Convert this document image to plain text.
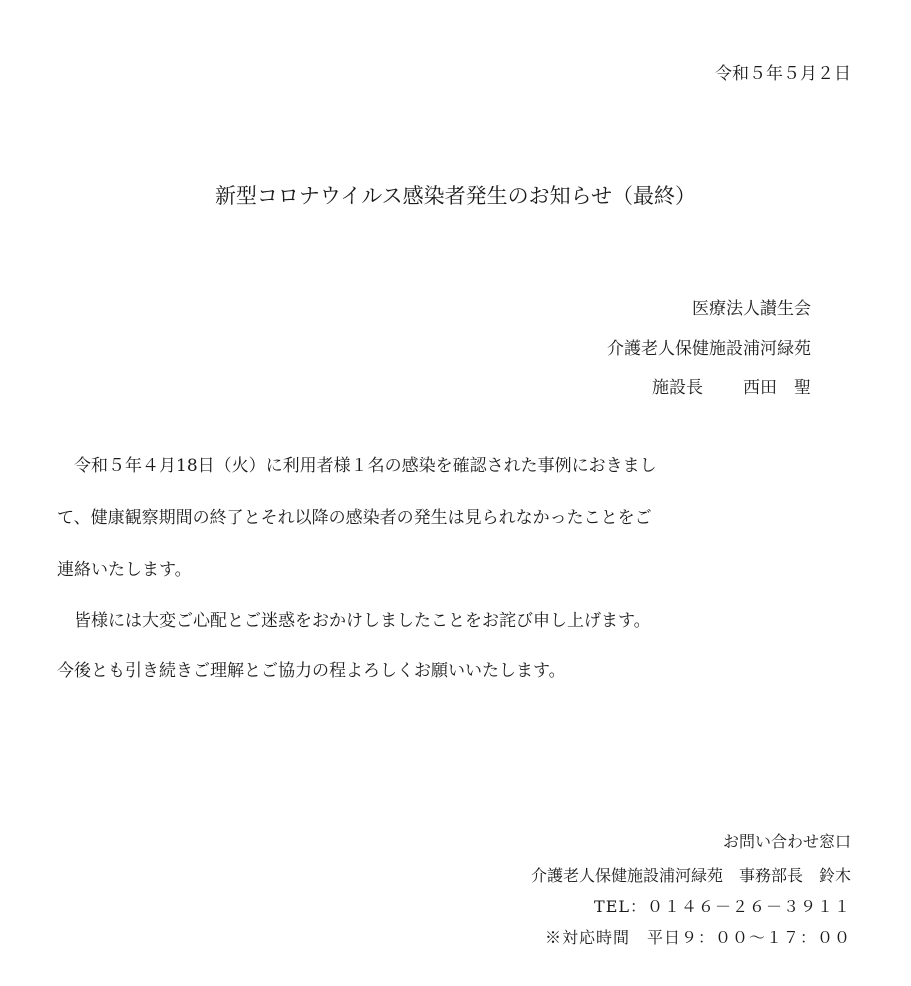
令和５年５月２日
新型コロナウイルス感染者発生のお知らせ（最終）
医療法人讃生会
介護老人保健施設浦河緑苑
施設長 西田　聖
　令和５年４月18日（火）に利用者様１名の感染を確認された事例におきまし
て、健康観察期間の終了とそれ以降の感染者の発生は見られなかったことをご
連絡いたします。
　皆様には大変ご心配とご迷惑をおかけしましたことをお詫び申し上げます。
今後とも引き続きご理解とご協力の程よろしくお願いいたします。
お問い合わせ窓口
介護老人保健施設浦河緑苑　事務部長　鈴木
TEL：０１４６－２６－３９１１
※対応時間　平日９：００～１７：００
